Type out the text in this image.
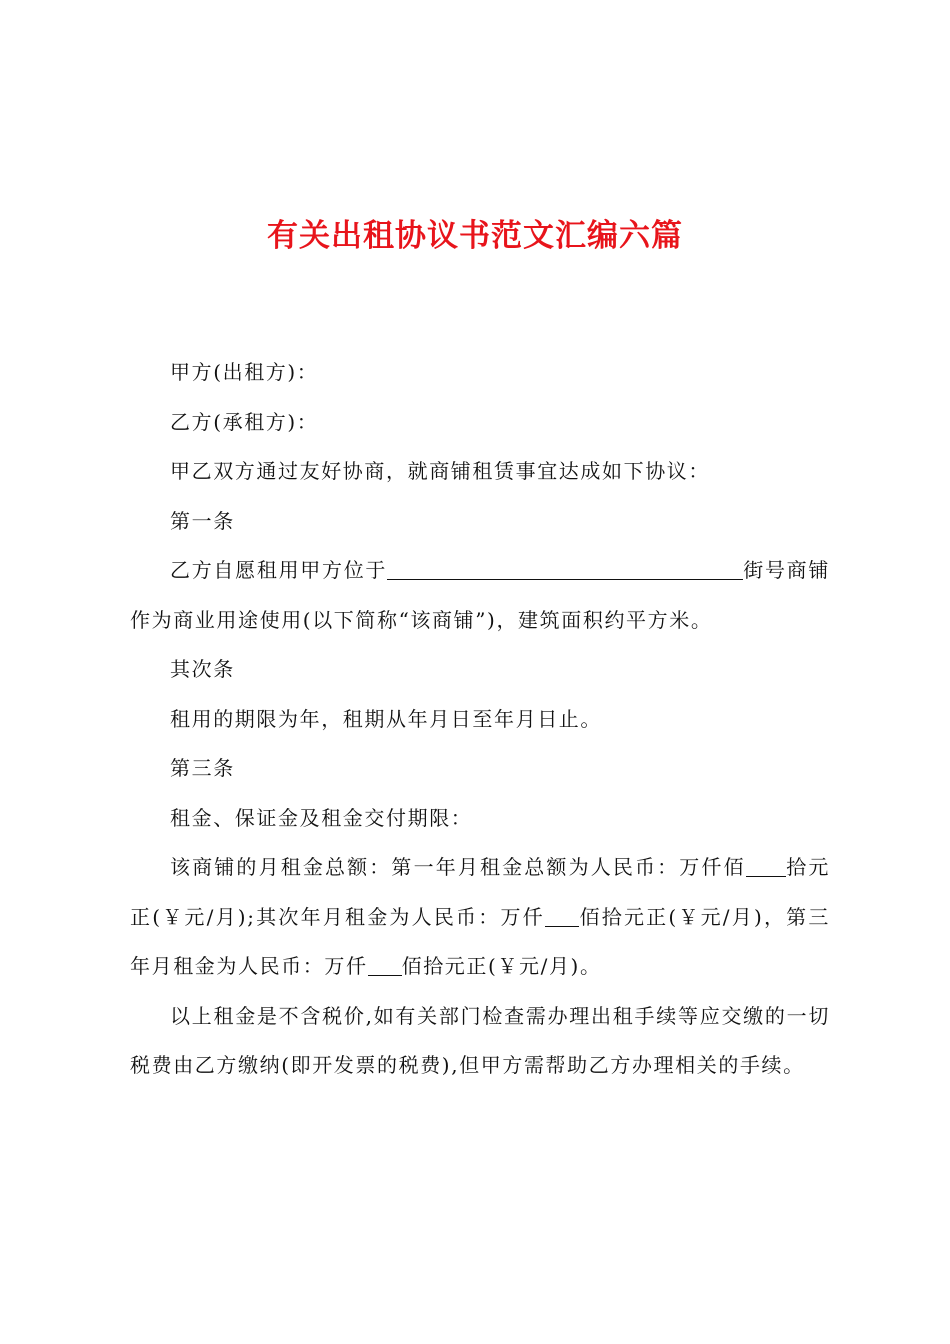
有关出租协议书范文汇编六篇

甲方(出租方)：

乙方(承租方)：

甲乙双方通过友好协商，就商铺租赁事宜达成如下协议：

第一条

乙方自愿租用甲方位于	街号商铺作为商业用途使用(以下简称“该商铺”)，建筑面积约平方米。

其次条

租用的期限为年，租期从年月日至年月日止。

第三条

租金、保证金及租金交付期限：

该商铺的月租金总额：第一年月租金总额为人民币：万仟佰 拾元正(￥元/月);其次年月租金为人民币：万仟 佰拾元正(￥元/月)，第三年月租金为人民币：万仟 佰拾元正(￥元/月)。

以上租金是不含税价,如有关部门检查需办理出租手续等应交缴的一切税费由乙方缴纳(即开发票的税费),但甲方需帮助乙方办理相关的手续。
